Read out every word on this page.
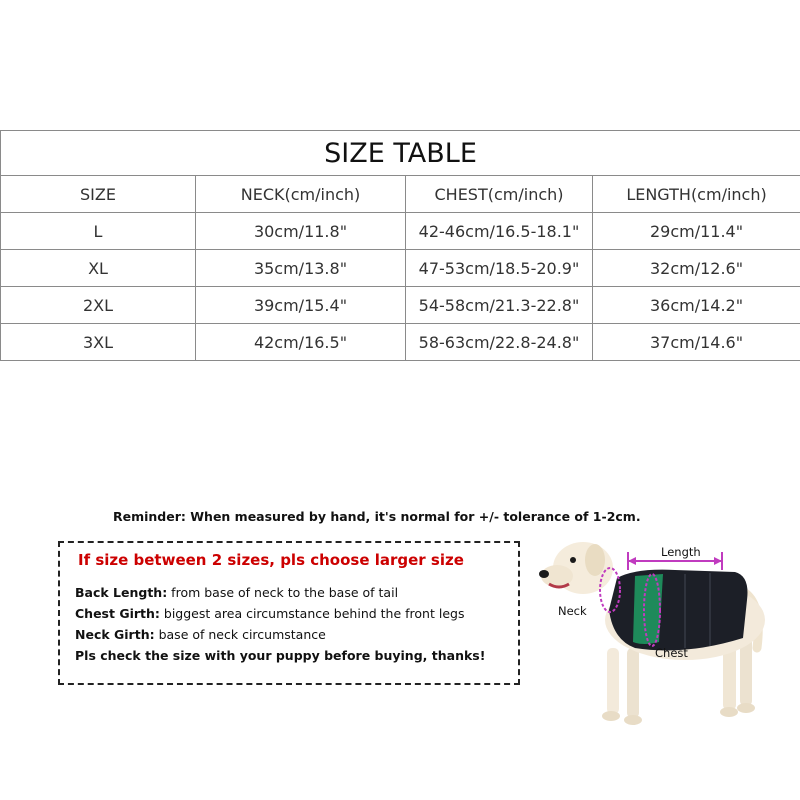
SIZE TABLE			
SIZE	NECK(cm/inch)	CHEST(cm/inch)	LENGTH(cm/inch)
L	30cm/11.8"	42-46cm/16.5-18.1"	29cm/11.4"
XL	35cm/13.8"	47-53cm/18.5-20.9"	32cm/12.6"
2XL	39cm/15.4"	54-58cm/21.3-22.8"	36cm/14.2"
3XL	42cm/16.5"	58-63cm/22.8-24.8"	37cm/14.6"
Reminder: When measured by hand, it's normal for +/- tolerance of 1-2cm.
If size between 2 sizes, pls choose larger size
Back Length: from base of neck to the base of tail
Chest Girth: biggest area circumstance behind the front legs
Neck Girth: base of neck circumstance
Pls check the size with your puppy before buying, thanks!
Length
Neck
Chest
